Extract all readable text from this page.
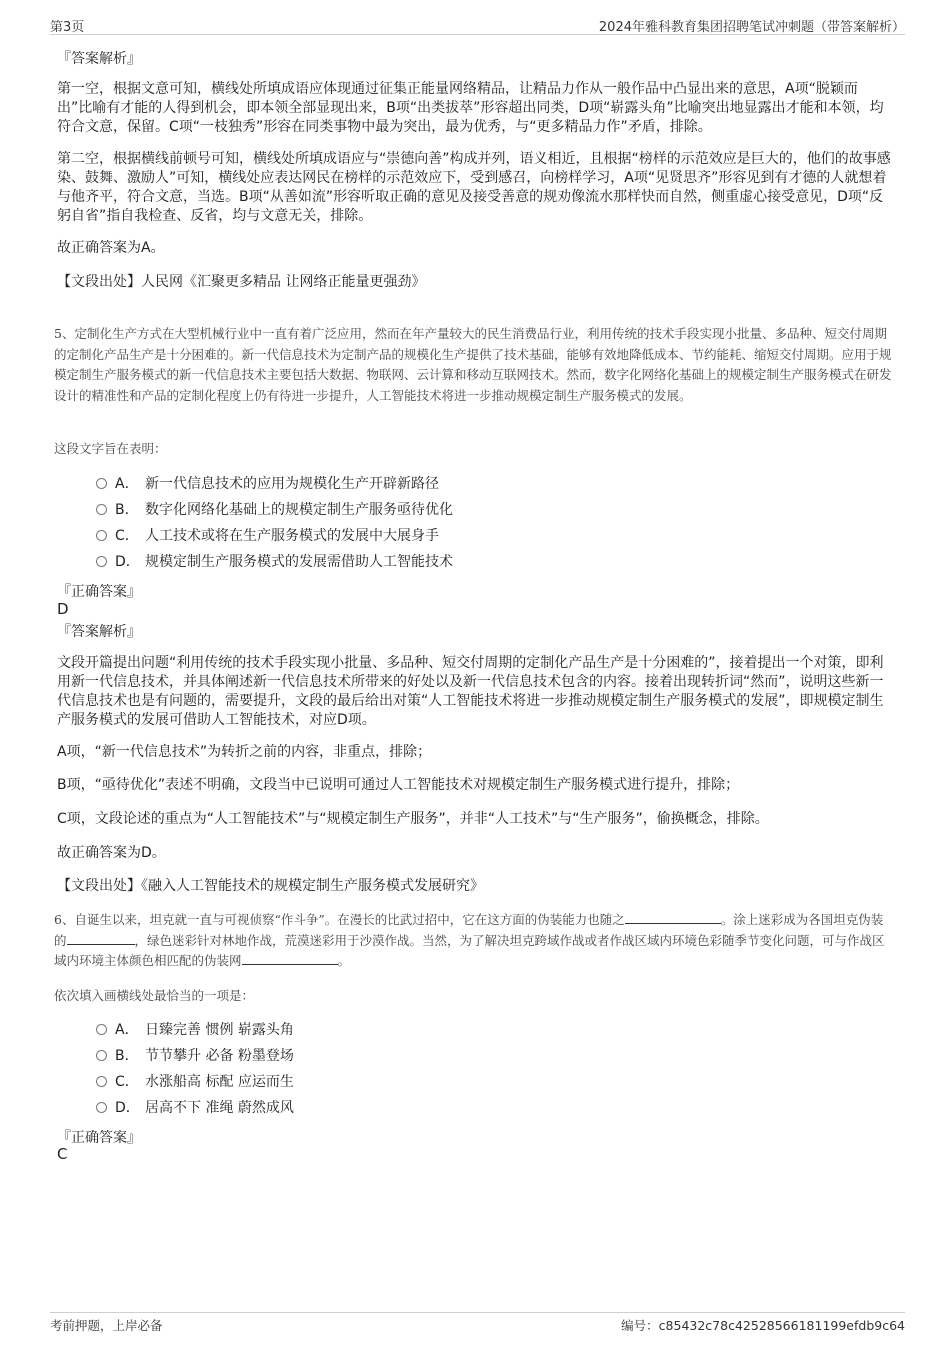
第3页	2024年雅科教育集团招聘笔试冲刺题（带答案解析）
『答案解析』
第一空，根据文意可知，横线处所填成语应体现通过征集正能量网络精品，让精品力作从一般作品中凸显出来的意思，A项“脱颖而出”比喻有才能的人得到机会，即本领全部显现出来，B项“出类拔萃”形容超出同类，D项“崭露头角”比喻突出地显露出才能和本领，均符合文意，保留。C项“一枝独秀”形容在同类事物中最为突出，最为优秀，与“更多精品力作”矛盾，排除。
第二空，根据横线前顿号可知，横线处所填成语应与“崇德向善”构成并列，语义相近，且根据“榜样的示范效应是巨大的，他们的故事感染、鼓舞、激励人”可知，横线处应表达网民在榜样的示范效应下，受到感召，向榜样学习，A项“见贤思齐”形容见到有才德的人就想着与他齐平，符合文意，当选。B项“从善如流”形容听取正确的意见及接受善意的规劝像流水那样快而自然，侧重虚心接受意见，D项“反躬自省”指自我检查、反省，均与文意无关，排除。
故正确答案为A。
【文段出处】人民网《汇聚更多精品 让网络正能量更强劲》
5、定制化生产方式在大型机械行业中一直有着广泛应用，然而在年产量较大的民生消费品行业，利用传统的技术手段实现小批量、多品种、短交付周期的定制化产品生产是十分困难的。新一代信息技术为定制产品的规模化生产提供了技术基础，能够有效地降低成本、节约能耗、缩短交付周期。应用于规模定制生产服务模式的新一代信息技术主要包括大数据、物联网、云计算和移动互联网技术。然而，数字化网络化基础上的规模定制生产服务模式在研发设计的精准性和产品的定制化程度上仍有待进一步提升，人工智能技术将进一步推动规模定制生产服务模式的发展。
这段文字旨在表明：
A． 新一代信息技术的应用为规模化生产开辟新路径
B． 数字化网络化基础上的规模定制生产服务亟待优化
C． 人工技术或将在生产服务模式的发展中大展身手
D． 规模定制生产服务模式的发展需借助人工智能技术
『正确答案』
D
『答案解析』
文段开篇提出问题“利用传统的技术手段实现小批量、多品种、短交付周期的定制化产品生产是十分困难的”，接着提出一个对策，即利用新一代信息技术，并具体阐述新一代信息技术所带来的好处以及新一代信息技术包含的内容。接着出现转折词“然而”，说明这些新一代信息技术也是有问题的，需要提升，文段的最后给出对策“人工智能技术将进一步推动规模定制生产服务模式的发展”，即规模定制生产服务模式的发展可借助人工智能技术，对应D项。
A项，“新一代信息技术”为转折之前的内容，非重点，排除；
B项，“亟待优化”表述不明确，文段当中已说明可通过人工智能技术对规模定制生产服务模式进行提升，排除；
C项，文段论述的重点为“人工智能技术”与“规模定制生产服务”，并非“人工技术”与“生产服务”，偷换概念，排除。
故正确答案为D。
【文段出处】《融入人工智能技术的规模定制生产服务模式发展研究》
6、自诞生以来，坦克就一直与可视侦察“作斗争”。在漫长的比武过招中，它在这方面的伪装能力也随之	。涂上迷彩成为各国坦克伪装的	，绿色迷彩针对林地作战，荒漠迷彩用于沙漠作战。当然，为了解决坦克跨域作战或者作战区域内环境色彩随季节变化问题，可与作战区域内环境主体颜色相匹配的伪装网	。
依次填入画横线处最恰当的一项是：
A． 日臻完善 惯例 崭露头角
B． 节节攀升 必备 粉墨登场
C． 水涨船高 标配 应运而生
D． 居高不下 准绳 蔚然成风
『正确答案』
C
考前押题，上岸必备	编号：c85432c78c42528566181199efdb9c64
